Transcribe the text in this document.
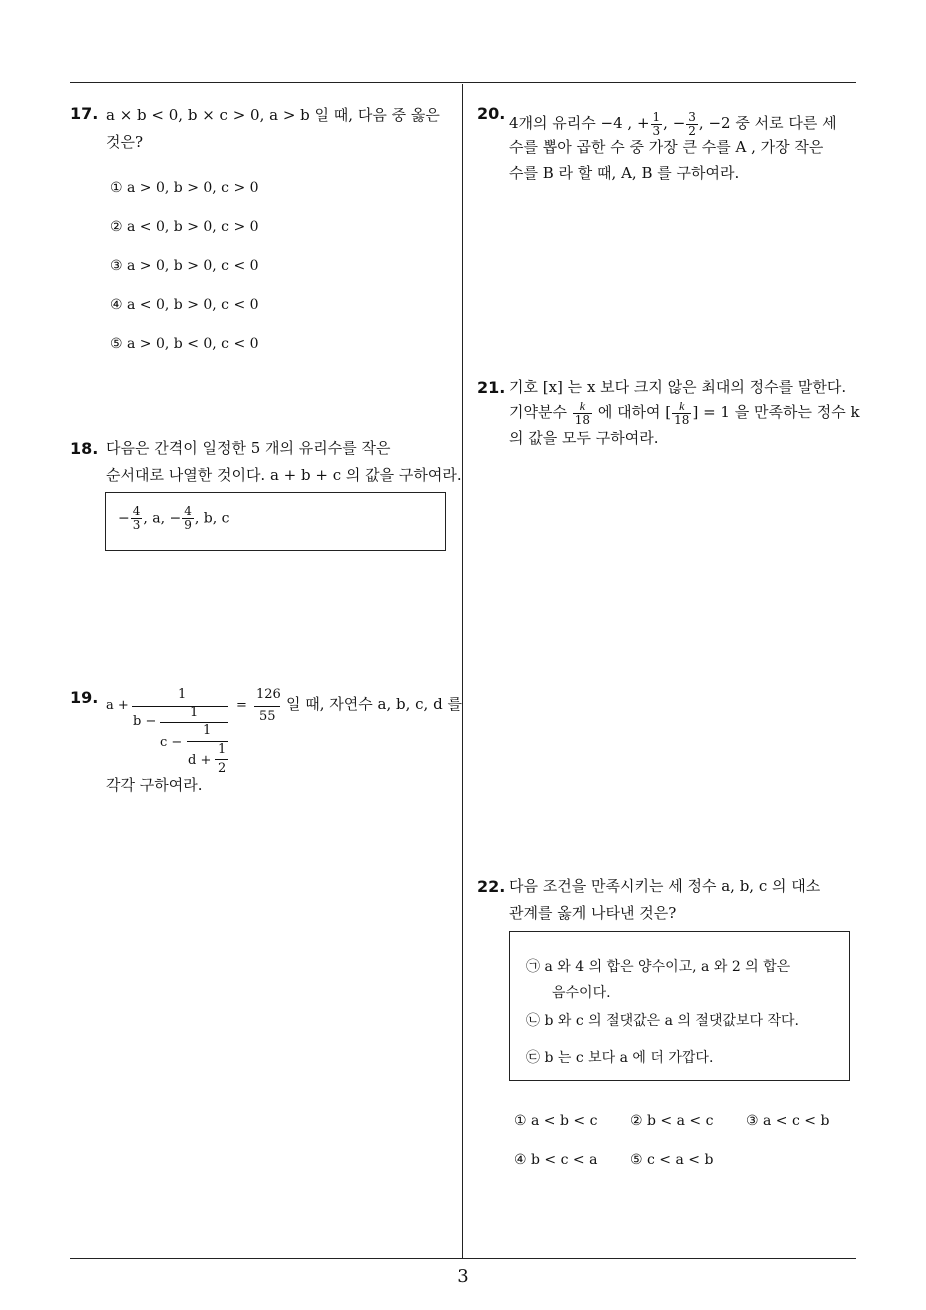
17. a × b < 0, b × c > 0, a > b 일 때, 다음 중 옳은
것은?
① a > 0, b > 0, c > 0
② a < 0, b > 0, c > 0
③ a > 0, b > 0, c < 0
④ a < 0, b > 0, c < 0
⑤ a > 0, b < 0, c < 0
18. 다음은 간격이 일정한 5 개의 유리수를 작은
순서대로 나열한 것이다. a + b + c 의 값을 구하여라.
− $\frac{4}{3}$ , a, − $\frac{4}{9}$ , b, c
19. a +
1
b −
1
c −
1
d +
1
2
=
126
55
일 때, 자연수 a, b, c, d 를
각각 구하여라.
20. 4개의 유리수 −4 , + $\frac{1}{3}$ , − $\frac{3}{2}$ , −2 중 서로 다른 세
수를 뽑아 곱한 수 중 가장 큰 수를 A , 가장 작은
수를 B 라 할 때, A, B 를 구하여라.
21. 기호 [x] 는 x 보다 크지 않은 최대의 정수를 말한다.
기약분수 $\frac{k}{18}$ 에 대하여 [ $\frac{k}{18}$ ] = 1 을 만족하는 정수 k
의 값을 모두 구하여라.
22. 다음 조건을 만족시키는 세 정수 a, b, c 의 대소
관계를 옳게 나타낸 것은?
㉠ a 와 4 의 합은 양수이고, a 와 2 의 합은
음수이다.
㉡ b 와 c 의 절댓값은 a 의 절댓값보다 작다.
㉢ b 는 c 보다 a 에 더 가깝다.
① a < b < c ② b < a < c ③ a < c < b
④ b < c < a ⑤ c < a < b
3
